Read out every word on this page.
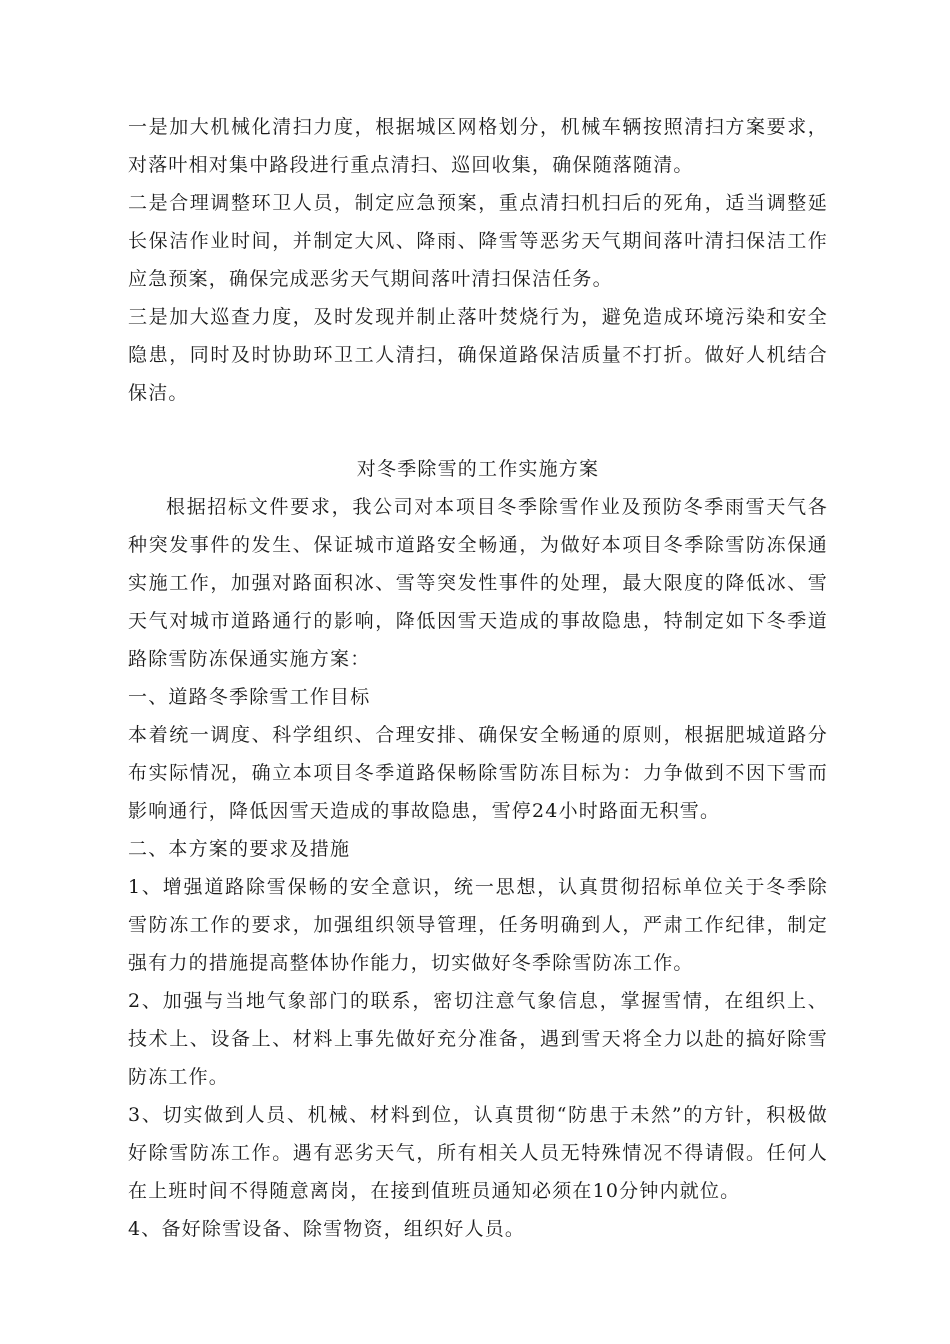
一是加大机械化清扫力度，根据城区网格划分，机械车辆按照清扫方案要求，对落叶相对集中路段进行重点清扫、巡回收集，确保随落随清。

二是合理调整环卫人员，制定应急预案，重点清扫机扫后的死角，适当调整延长保洁作业时间，并制定大风、降雨、降雪等恶劣天气期间落叶清扫保洁工作应急预案，确保完成恶劣天气期间落叶清扫保洁任务。

三是加大巡查力度，及时发现并制止落叶焚烧行为，避免造成环境污染和安全隐患，同时及时协助环卫工人清扫，确保道路保洁质量不打折。做好人机结合保洁。

对冬季除雪的工作实施方案

根据招标文件要求，我公司对本项目冬季除雪作业及预防冬季雨雪天气各种突发事件的发生、保证城市道路安全畅通，为做好本项目冬季除雪防冻保通实施工作，加强对路面积冰、雪等突发性事件的处理，最大限度的降低冰、雪天气对城市道路通行的影响，降低因雪天造成的事故隐患，特制定如下冬季道路除雪防冻保通实施方案：

一、道路冬季除雪工作目标

本着统一调度、科学组织、合理安排、确保安全畅通的原则，根据肥城道路分布实际情况，确立本项目冬季道路保畅除雪防冻目标为：力争做到不因下雪而影响通行，降低因雪天造成的事故隐患，雪停24小时路面无积雪。

二、本方案的要求及措施

1、增强道路除雪保畅的安全意识，统一思想，认真贯彻招标单位关于冬季除雪防冻工作的要求，加强组织领导管理，任务明确到人，严肃工作纪律，制定强有力的措施提高整体协作能力，切实做好冬季除雪防冻工作。

2、加强与当地气象部门的联系，密切注意气象信息，掌握雪情，在组织上、技术上、设备上、材料上事先做好充分准备，遇到雪天将全力以赴的搞好除雪防冻工作。

3、切实做到人员、机械、材料到位，认真贯彻“防患于未然”的方针，积极做好除雪防冻工作。遇有恶劣天气，所有相关人员无特殊情况不得请假。任何人在上班时间不得随意离岗，在接到值班员通知必须在10分钟内就位。

4、备好除雪设备、除雪物资，组织好人员。
